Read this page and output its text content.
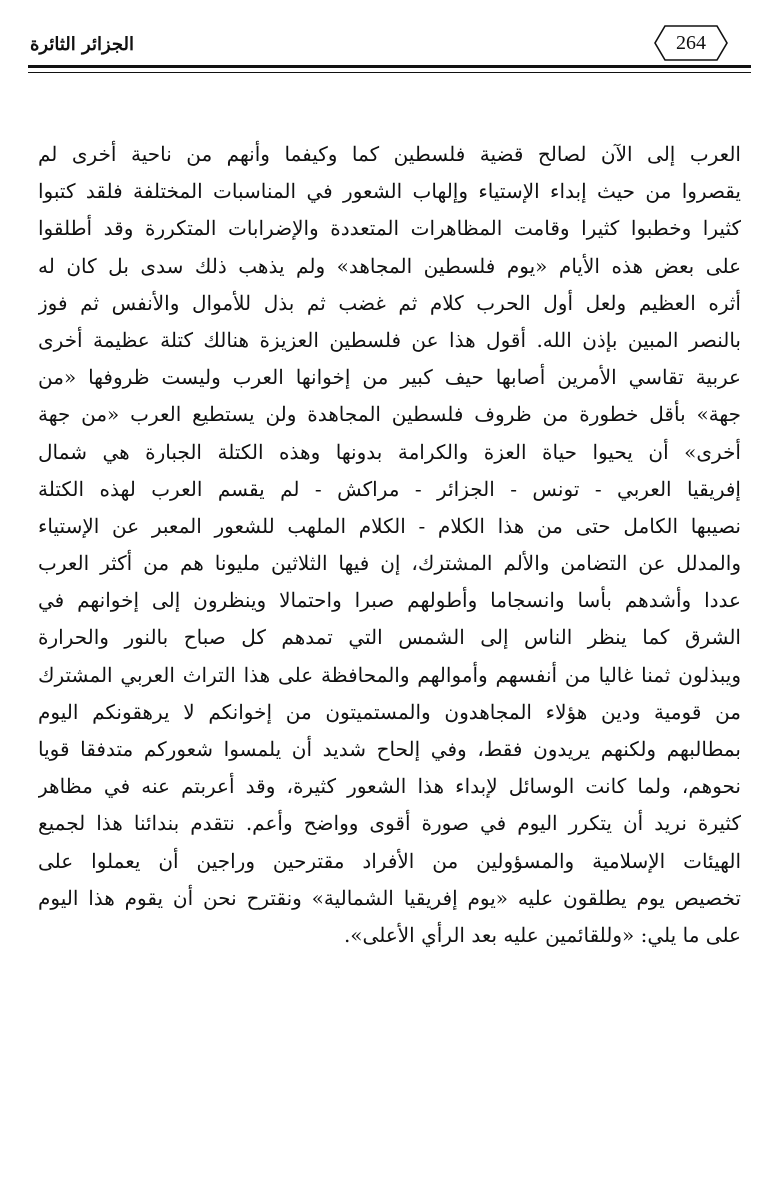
الجزائر الثائرة	264
العرب إلى الآن لصالح قضية فلسطين كما وكيفما وأنهم من ناحية أخرى لم
يقصروا من حيث إبداء الإستياء وإلهاب الشعور في المناسبات المختلفة فلقد كتبوا
كثيرا وخطبوا كثيرا وقامت المظاهرات المتعددة والإضرابات المتكررة وقد أطلقوا
على بعض هذه الأيام «يوم فلسطين المجاهد» ولم يذهب ذلك سدى بل كان له
أثره العظيم ولعل أول الحرب كلام ثم غضب ثم بذل للأموال والأنفس ثم فوز
بالنصر المبين بإذن الله. أقول هذا عن فلسطين العزيزة هنالك كتلة عظيمة أخرى
عربية تقاسي الأمرين أصابها حيف كبير من إخوانها العرب وليست ظروفها «من
جهة» بأقل خطورة من ظروف فلسطين المجاهدة ولن يستطيع العرب «من جهة
أخرى» أن يحيوا حياة العزة والكرامة بدونها وهذه الكتلة الجبارة هي شمال
إفريقيا العربي - تونس - الجزائر - مراكش - لم يقسم العرب لهذه الكتلة
نصيبها الكامل حتى من هذا الكلام - الكلام الملهب للشعور المعبر عن الإستياء
والمدلل عن التضامن والألم المشترك، إن فيها الثلاثين مليونا هم من أكثر العرب
عددا وأشدهم بأسا وانسجاما وأطولهم صبرا واحتمالا وينظرون إلى إخوانهم في
الشرق كما ينظر الناس إلى الشمس التي تمدهم كل صباح بالنور والحرارة
ويبذلون ثمنا غاليا من أنفسهم وأموالهم والمحافظة على هذا التراث العربي المشترك
من قومية ودين هؤلاء المجاهدون والمستميتون من إخوانكم لا يرهقونكم اليوم
بمطالبهم ولكنهم يريدون فقط، وفي إلحاح شديد أن يلمسوا شعوركم متدفقا قويا
نحوهم، ولما كانت الوسائل لإبداء هذا الشعور كثيرة، وقد أعربتم عنه في مظاهر
كثيرة نريد أن يتكرر اليوم في صورة أقوى وواضح وأعم. نتقدم بندائنا هذا لجميع
الهيئات الإسلامية والمسؤولين من الأفراد مقترحين وراجين أن يعملوا على
تخصيص يوم يطلقون عليه «يوم إفريقيا الشمالية» ونقترح نحن أن يقوم هذا اليوم
على ما يلي: «وللقائمين عليه بعد الرأي الأعلى».
